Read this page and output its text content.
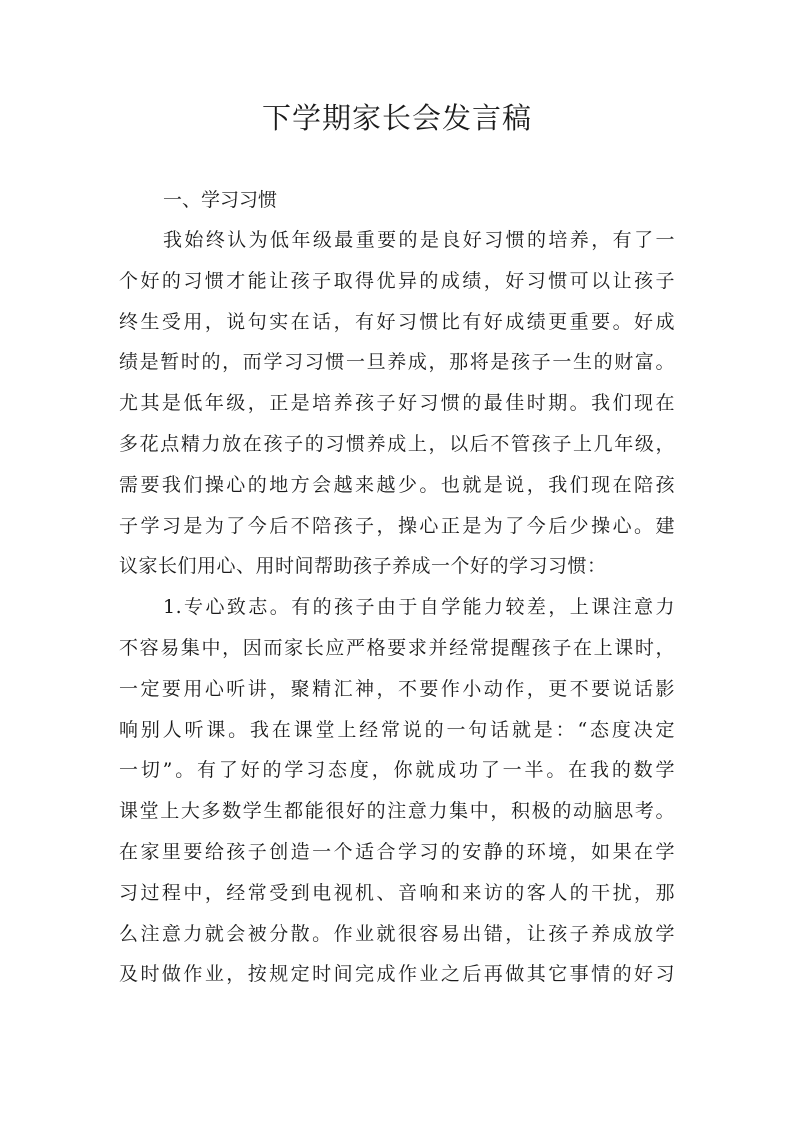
下学期家长会发言稿
一、学习习惯

我始终认为低年级最重要的是良好习惯的培养，有了一
个好的习惯才能让孩子取得优异的成绩，好习惯可以让孩子
终生受用，说句实在话，有好习惯比有好成绩更重要。好成
绩是暂时的，而学习习惯一旦养成，那将是孩子一生的财富。
尤其是低年级，正是培养孩子好习惯的最佳时期。我们现在
多花点精力放在孩子的习惯养成上，以后不管孩子上几年级，
需要我们操心的地方会越来越少。也就是说，我们现在陪孩
子学习是为了今后不陪孩子，操心正是为了今后少操心。建
议家长们用心、用时间帮助孩子养成一个好的学习习惯：

1.专心致志。有的孩子由于自学能力较差，上课注意力
不容易集中，因而家长应严格要求并经常提醒孩子在上课时，
一定要用心听讲，聚精汇神，不要作小动作，更不要说话影
响别人听课。我在课堂上经常说的一句话就是：“态度决定
一切”。有了好的学习态度，你就成功了一半。在我的数学
课堂上大多数学生都能很好的注意力集中，积极的动脑思考。
在家里要给孩子创造一个适合学习的安静的环境，如果在学
习过程中，经常受到电视机、音响和来访的客人的干扰，那
么注意力就会被分散。作业就很容易出错，让孩子养成放学
及时做作业，按规定时间完成作业之后再做其它事情的好习
